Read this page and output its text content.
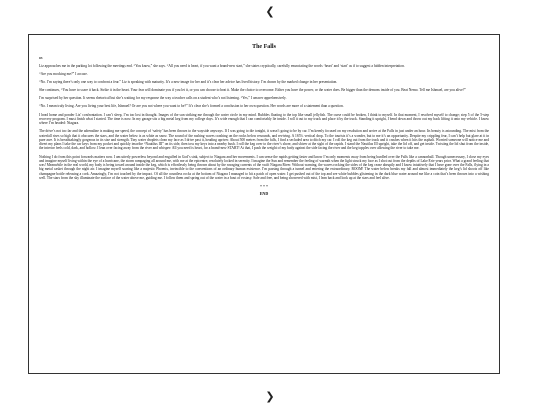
❮
The Falls
03

Liz approaches me in the parking lot following the meetings end. “You know,” she says. “All you need is heart, if you want a brand-new start,” she states cryptically, carefully enunciating the words ‘heart’ and ‘start’ as if to suggest a hidden interpretation.

“Are you mocking me?” I accuse.

“No. I’m saying there’s only one way to confront a fear.” Liz is speaking with maturity. It’s a new image for her and it’s clear her advice has lived history. I’m drawn by the marked change in her presentation.

She continues, “You have to scare it back. Strike it in the heart. Your fear will dominate you if you let it, or you can choose to beat it. Make the choice to overcome. Either you have the power, or the water does. Be bigger than the demons inside of you. Beat Nemo. Tell me Ishmael, are you alive?”

I’m surprised by her question. It seems rhetorical but she’s waiting for my response the way a teacher calls on a student who’s not listening. “Yes,” I answer apprehensively.

“No. I mean truly living. Are you living your best life, Ishmael? Or are you not where you want to be?” It’s clear she’s formed a conclusion to her own question. Her words are more of a statement than a question.

I head home and ponder Liz’ confrontation. I can’t sleep, I’m too lost in thought. Images of the sun striking me through the water circle in my mind. Bubbles floating to the top like small jellyfish. The curse could be broken, I think to myself. In that moment, I resolved myself to change; step 5 of the 5-step recovery program. I must finish what I started. The time is now. In my garage sits a big metal keg from my college days. It’s wide enough that I can comfortably lie inside. I roll it out to my truck and place it by the truck. Standing it upright, I bend down and throw out my back lifting it onto my vehicle. I know where I’m headed: Niagara.

The drive’s not too far and the adrenaline is making me speed, the concept of ‘safety’ has been thrown to the wayside anyways. If I was going to die tonight, it wasn’t going to be by car. I’m keenly focused on my resolution and arrive at the Falls in just under an hour. Its beauty is astounding. The mist from the waterfall rises so high that it obscures the stars, and the water below is as white as snow. The sound of the rushing waves crashing on the rocks below resounds, and reviving. A 167ft. vertical drop. To the tourists it’s a wonder, but to me it’s an opportunity. Despite my crippling fear, I can’t help but glare at it in pure awe. It is breathtakingly gorgeous in its size and strength. Tiny water droplets clean my face as I drive past it, heading upriver. About 500 metres from the falls, I find a secluded area to ditch my car. I roll the keg out from the truck and it crashes when it hits the asphalt. Worried someone will notice me and divert my plans I take the car keys from my pocket and quickly inscribe “Nautilus III” on its side, then toss my keys into a nearby bush. I roll the keg over to the river’s shore, and shiver at the sight of the rapids. I stand the Nautilus III upright, take the lid off, and get inside. Twisting the lid shut from the inside, the interior feels cold, dark, and hollow. I lean over facing away from the river and whisper: All you need is heart, for a brand-new START! At that, I push the weight of my body against the side facing the river and the keg topples over allowing the river to take me.

Nothing I do from this point forwards matters now. I am utterly powerless beyond and engulfed in God’s sink, subject to Niagara and her movements. I can sense the rapids getting faster and know I’m only moments away from being hurdled over the Falls like a cannonball. Though unnecessary, I close my eyes and imagine myself living within the eye of a hurricane, the storm rampaging all around me, with me at the epicentre, resolutely locked in serenity. I imagine the Sun and remember the feeling of warmth when the light struck my face as I shot out from the depths of Lake Erie years prior. What a grand feeling that was! Meanwhile in the real world, my body is being tossed around inside the keg, which is effortlessly being thrown about by the ravaging currents of the swift Niagara River. Without warning, the waves rocking the sides of the keg cease abruptly and I know intuitively that I have gone over the Falls, flying in a big metal casket through the night air. I imagine myself soaring like a majestic Phoenix, invincible to the conventions of an ordinary human existence. I’m passing through a tunnel and entering the extraordinary. BOOM! The water below breaks my fall and almost immediately the keg’s lid shoots off like champagne bottle releasing a cork. Amazingly, I’m not touched by the impact. Of all the countless rocks at the bottom of Niagara I managed to hit a patch of open water. I get pushed out of the top and see white bubbles glistening in the dark blue water around me like a coin that’s been thrown into a wishing well. The stars from the sky illuminate the surface of the water above me, guiding me. I follow them and spring out of the water in a bout of ecstasy. Safe and free, and being showered with mist, I lean back and look up at the stars and feel alive.

* * *
END
❯
